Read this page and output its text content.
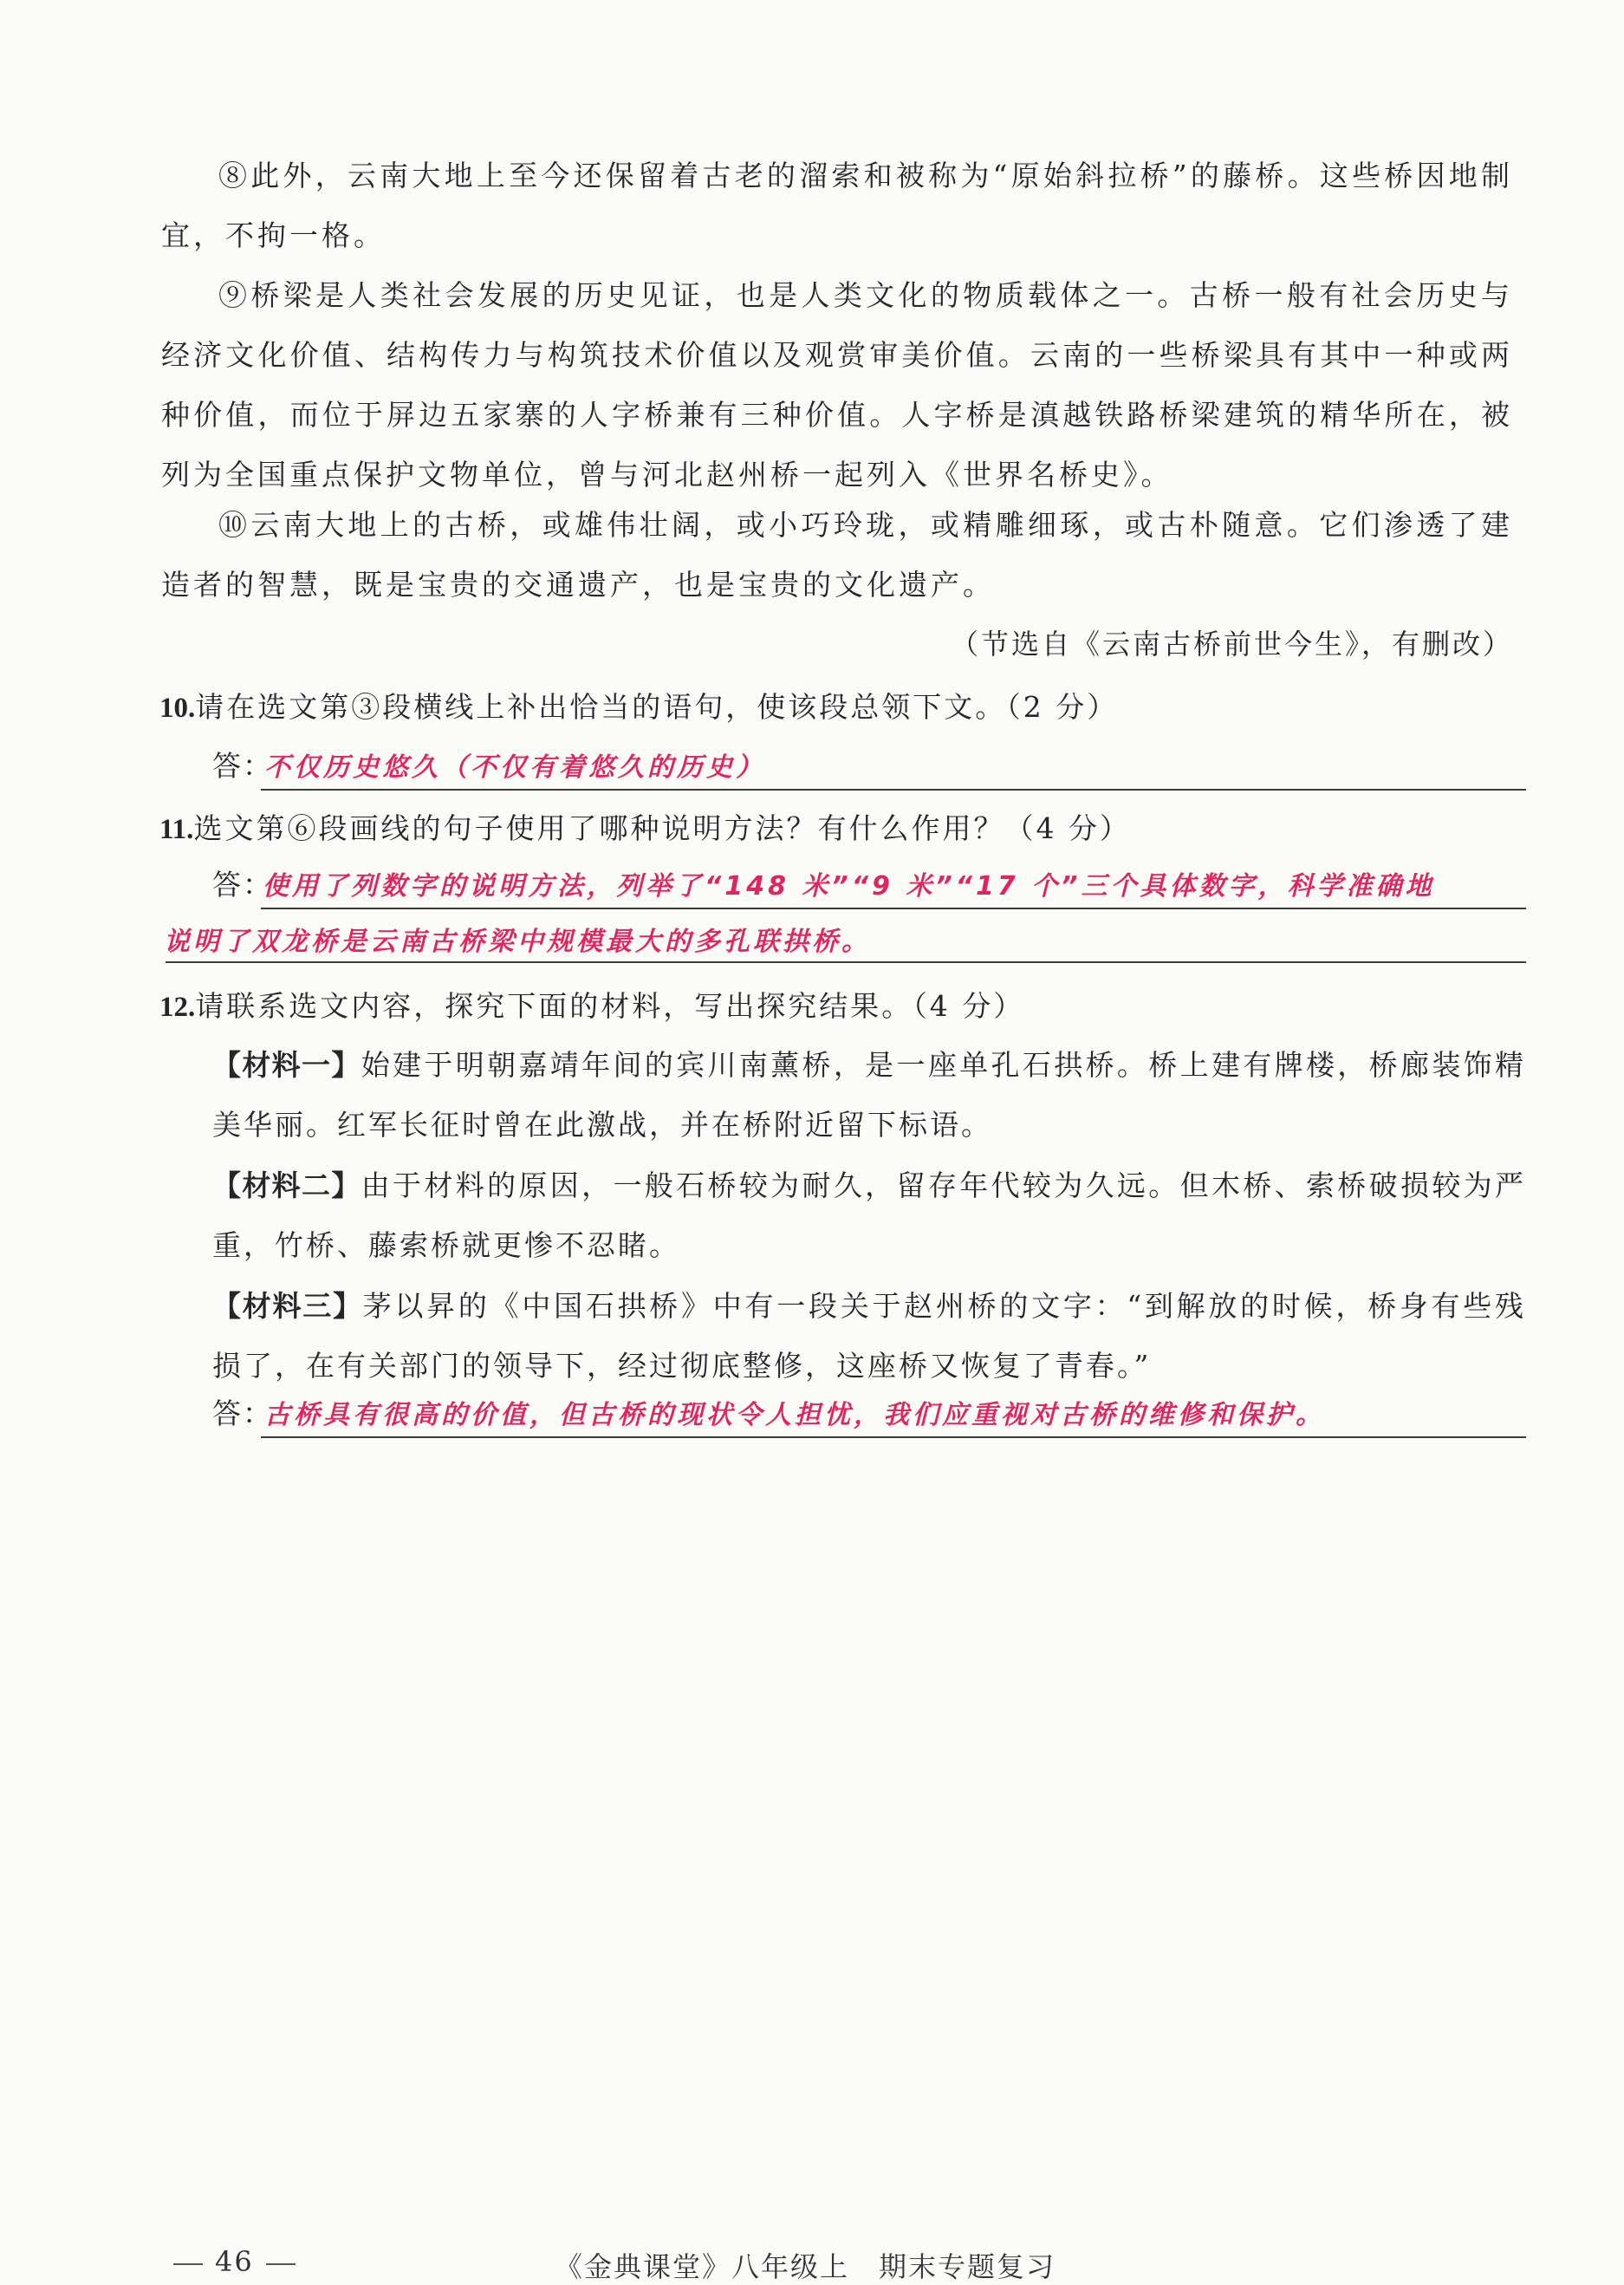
⑧此外，云南大地上至今还保留着古老的溜索和被称为“原始斜拉桥”的藤桥。这些桥因地制宜，不拘一格。

⑨桥梁是人类社会发展的历史见证，也是人类文化的物质载体之一。古桥一般有社会历史与经济文化价值、结构传力与构筑技术价值以及观赏审美价值。云南的一些桥梁具有其中一种或两种价值，而位于屏边五家寨的人字桥兼有三种价值。人字桥是滇越铁路桥梁建筑的精华所在，被列为全国重点保护文物单位，曾与河北赵州桥一起列入《世界名桥史》。

⑩云南大地上的古桥，或雄伟壮阔，或小巧玲珑，或精雕细琢，或古朴随意。它们渗透了建造者的智慧，既是宝贵的交通遗产，也是宝贵的文化遗产。

（节选自《云南古桥前世今生》，有删改）

10.请在选文第③段横线上补出恰当的语句，使该段总领下文。（2 分）

答：
不仅历史悠久（不仅有着悠久的历史）

11.选文第⑥段画线的句子使用了哪种说明方法？有什么作用？（4 分）

答：
使用了列数字的说明方法，列举了“148 米”“9 米”“17 个”三个具体数字，科学准确地
说明了双龙桥是云南古桥梁中规模最大的多孔联拱桥。

12.请联系选文内容，探究下面的材料，写出探究结果。（4 分）

【材料一】始建于明朝嘉靖年间的宾川南薰桥，是一座单孔石拱桥。桥上建有牌楼，桥廊装饰精美华丽。红军长征时曾在此激战，并在桥附近留下标语。

【材料二】由于材料的原因，一般石桥较为耐久，留存年代较为久远。但木桥、索桥破损较为严重，竹桥、藤索桥就更惨不忍睹。

【材料三】茅以昇的《中国石拱桥》中有一段关于赵州桥的文字：“到解放的时候，桥身有些残损了，在有关部门的领导下，经过彻底整修，这座桥又恢复了青春。”

答：
古桥具有很高的价值，但古桥的现状令人担忧，我们应重视对古桥的维修和保护。
46	《金典课堂》八年级上　期末专题复习
